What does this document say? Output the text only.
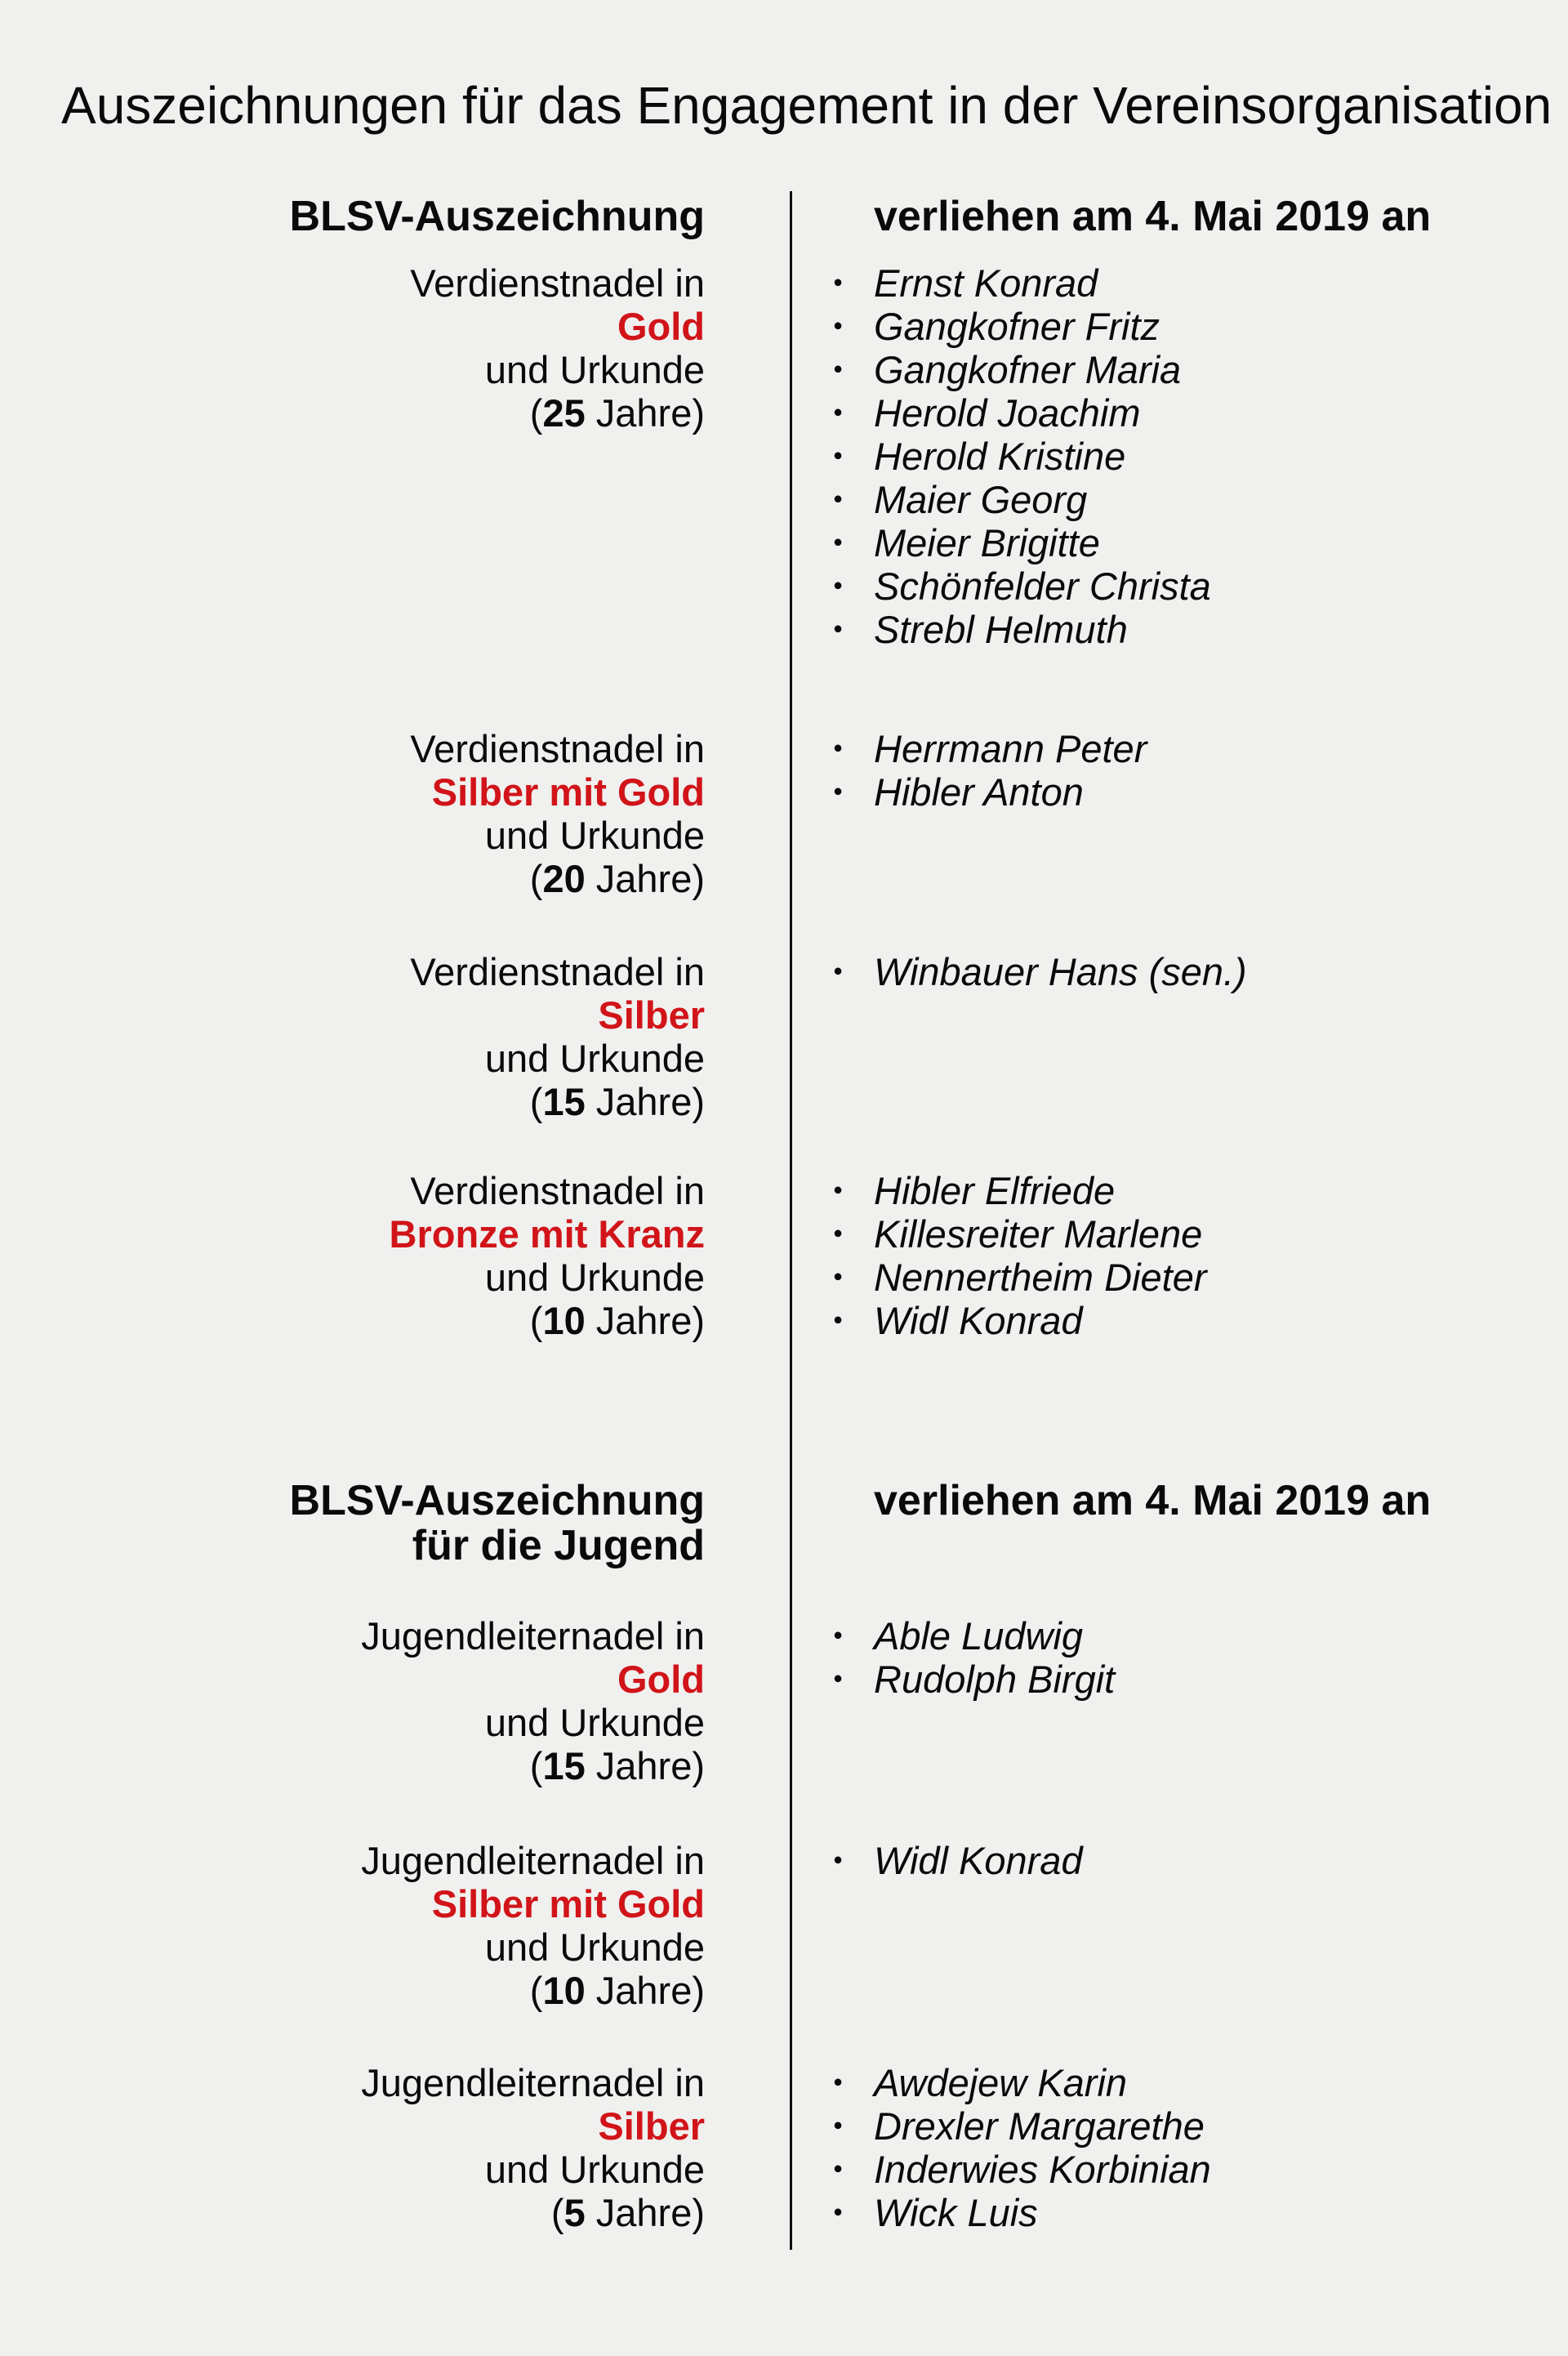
Auszeichnungen für das Engagement in der Vereinsorganisation
BLSV-Auszeichnung	verliehen am 4. Mai 2019 an
Verdienstnadel in
Gold
und Urkunde
(25 Jahre)
● Ernst Konrad
● Gangkofner Fritz
● Gangkofner Maria
● Herold Joachim
● Herold Kristine
● Maier Georg
● Meier Brigitte
● Schönfelder Christa
● Strebl Helmuth
Verdienstnadel in
Silber mit Gold
und Urkunde
(20 Jahre)
● Herrmann Peter
● Hibler Anton
Verdienstnadel in
Silber
und Urkunde
(15 Jahre)
● Winbauer Hans (sen.)
Verdienstnadel in
Bronze mit Kranz
und Urkunde
(10 Jahre)
● Hibler Elfriede
● Killesreiter Marlene
● Nennertheim Dieter
● Widl Konrad
BLSV-Auszeichnung
für die Jugend
verliehen am 4. Mai 2019 an
Jugendleiternadel in
Gold
und Urkunde
(15 Jahre)
● Able Ludwig
● Rudolph Birgit
Jugendleiternadel in
Silber mit Gold
und Urkunde
(10 Jahre)
● Widl Konrad
Jugendleiternadel in
Silber
und Urkunde
(5 Jahre)
● Awdejew Karin
● Drexler Margarethe
● Inderwies Korbinian
● Wick Luis
